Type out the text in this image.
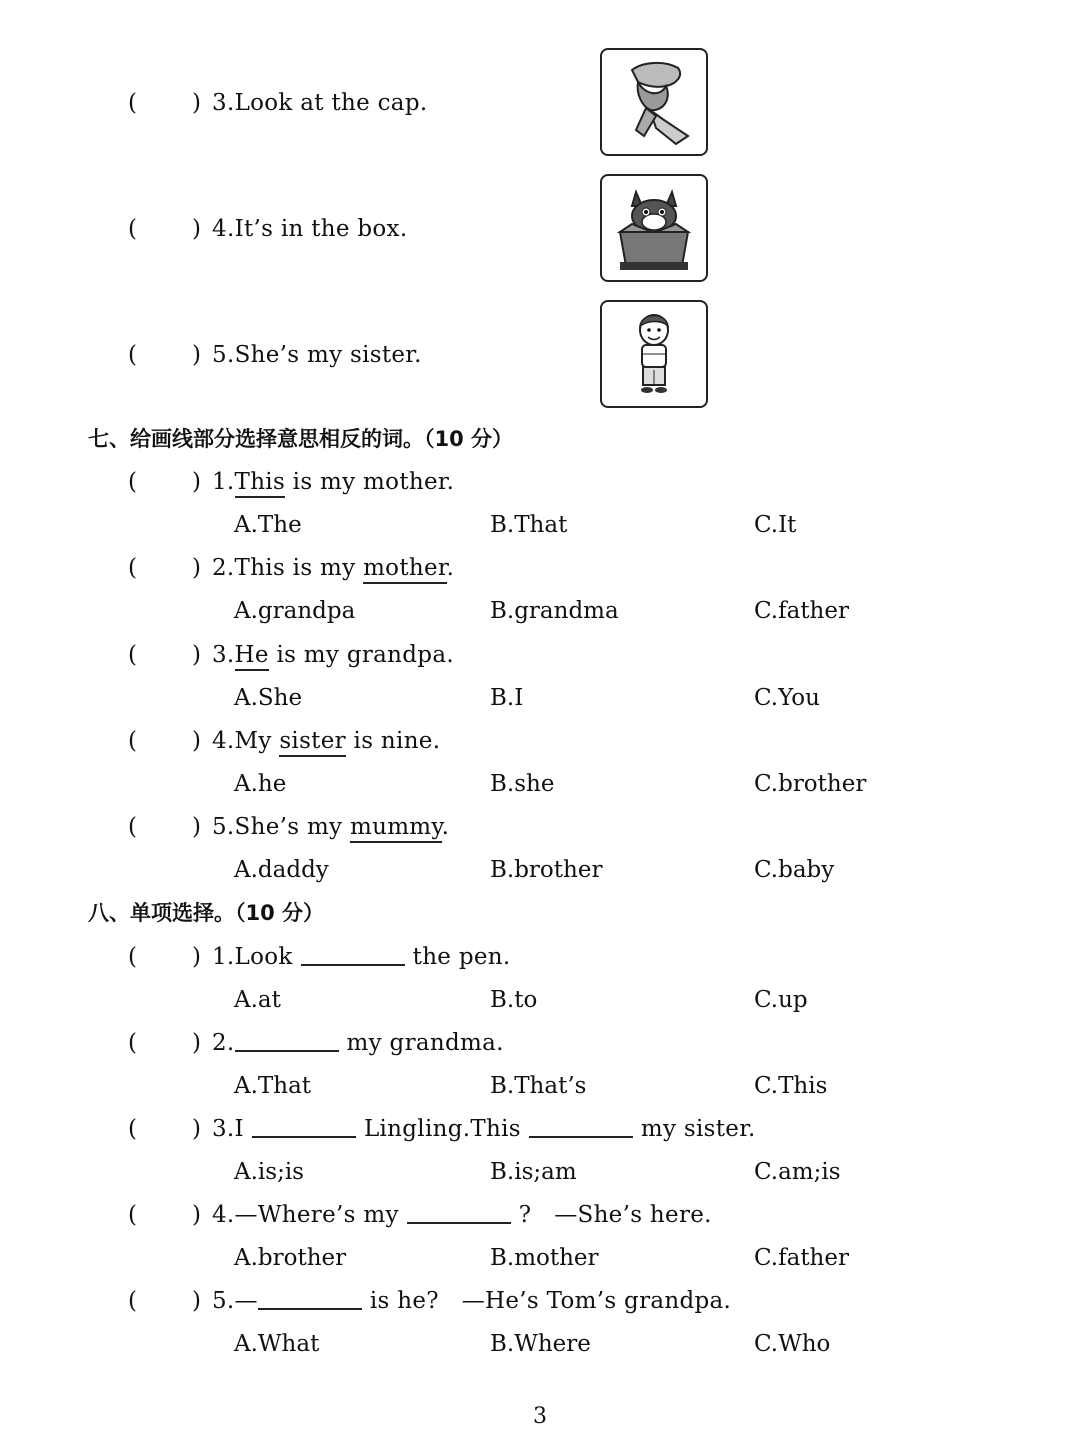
( ) 3.Look at the cap.
( ) 4.It’s in the box.
( ) 5.She’s my sister.
七、给画线部分选择意思相反的词。（10 分）
( ) 1.This is my mother.
A.The	B.That	C.It
( ) 2.This is my mother.
A.grandpa	B.grandma	C.father
( ) 3.He is my grandpa.
A.She	B.I	C.You
( ) 4.My sister is nine.
A.he	B.she	C.brother
( ) 5.She’s my mummy.
A.daddy	B.brother	C.baby
八、单项选择。（10 分）
( ) 1.Look	the pen.
A.at	B.to	C.up
( ) 2.	my grandma.
A.That	B.That’s	C.This
( ) 3.I	Lingling.This	my sister.
A.is;is	B.is;am	C.am;is
( ) 4.—Where’s my	?   —She’s here.
A.brother	B.mother	C.father
( ) 5.—	is he?   —He’s Tom’s grandpa.
A.What	B.Where	C.Who
3
